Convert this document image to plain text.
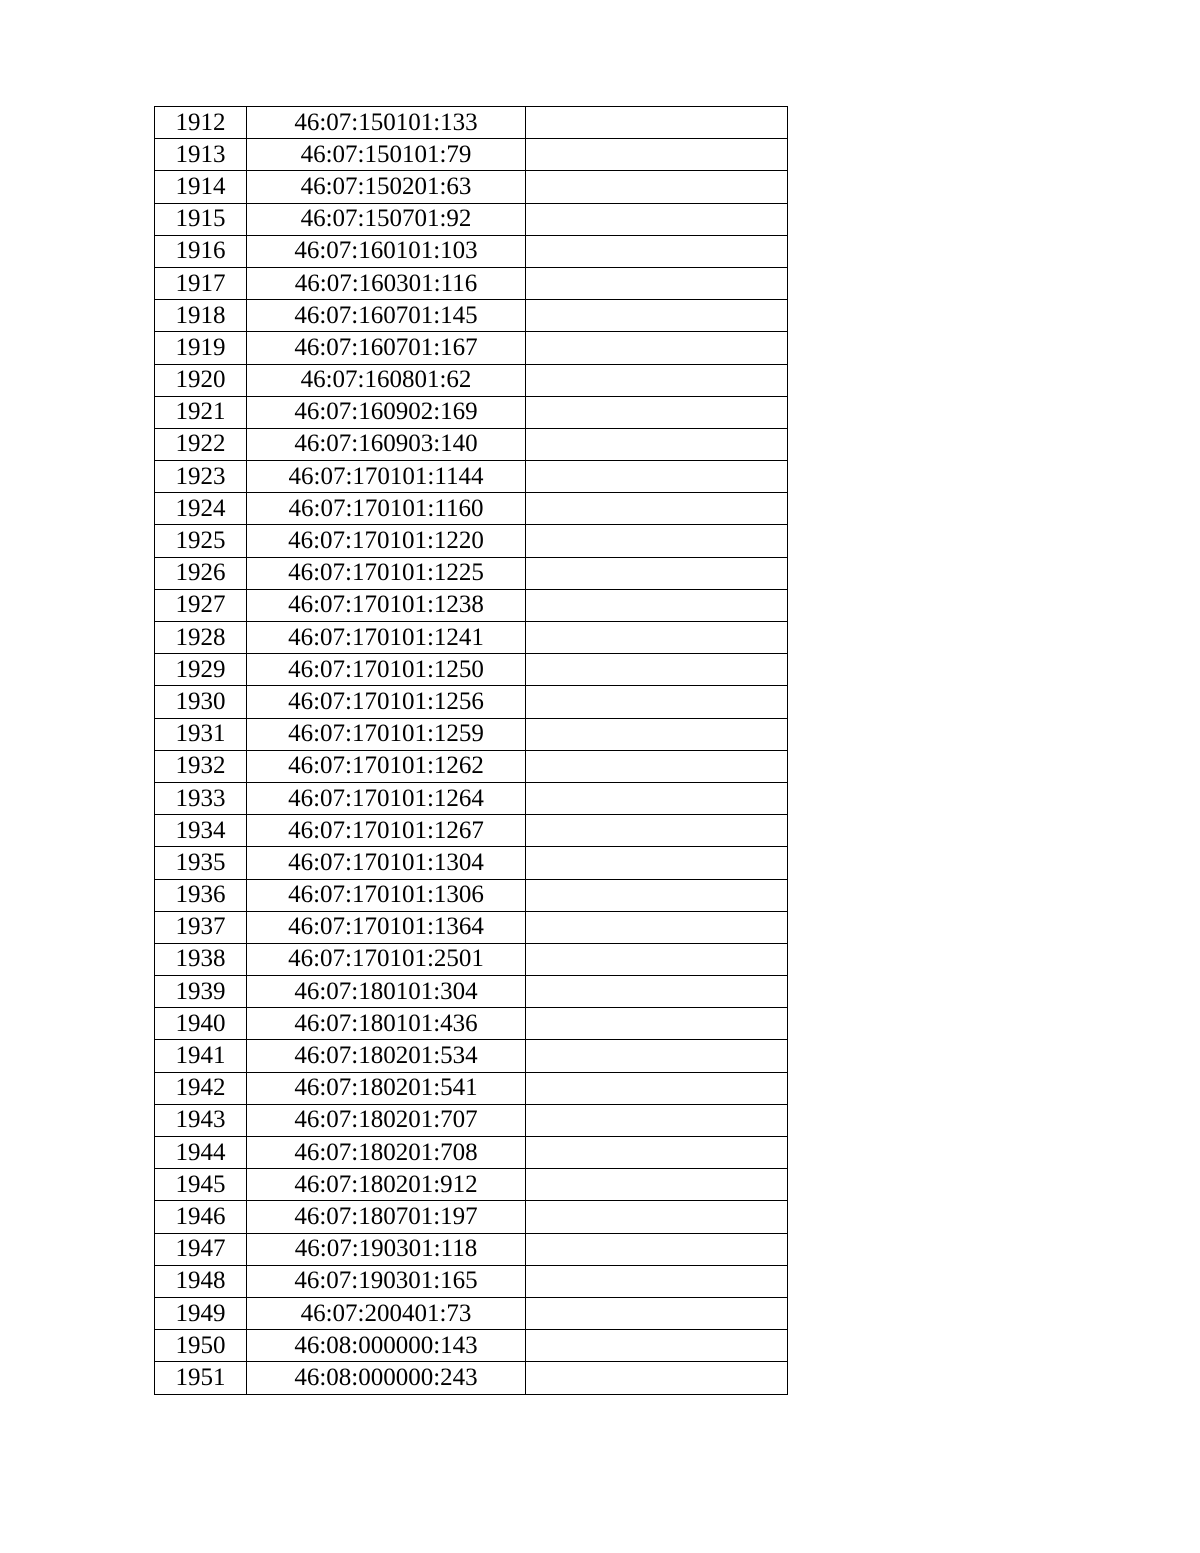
1912	46:07:150101:133	
1913	46:07:150101:79	
1914	46:07:150201:63	
1915	46:07:150701:92	
1916	46:07:160101:103	
1917	46:07:160301:116	
1918	46:07:160701:145	
1919	46:07:160701:167	
1920	46:07:160801:62	
1921	46:07:160902:169	
1922	46:07:160903:140	
1923	46:07:170101:1144	
1924	46:07:170101:1160	
1925	46:07:170101:1220	
1926	46:07:170101:1225	
1927	46:07:170101:1238	
1928	46:07:170101:1241	
1929	46:07:170101:1250	
1930	46:07:170101:1256	
1931	46:07:170101:1259	
1932	46:07:170101:1262	
1933	46:07:170101:1264	
1934	46:07:170101:1267	
1935	46:07:170101:1304	
1936	46:07:170101:1306	
1937	46:07:170101:1364	
1938	46:07:170101:2501	
1939	46:07:180101:304	
1940	46:07:180101:436	
1941	46:07:180201:534	
1942	46:07:180201:541	
1943	46:07:180201:707	
1944	46:07:180201:708	
1945	46:07:180201:912	
1946	46:07:180701:197	
1947	46:07:190301:118	
1948	46:07:190301:165	
1949	46:07:200401:73	
1950	46:08:000000:143	
1951	46:08:000000:243	
